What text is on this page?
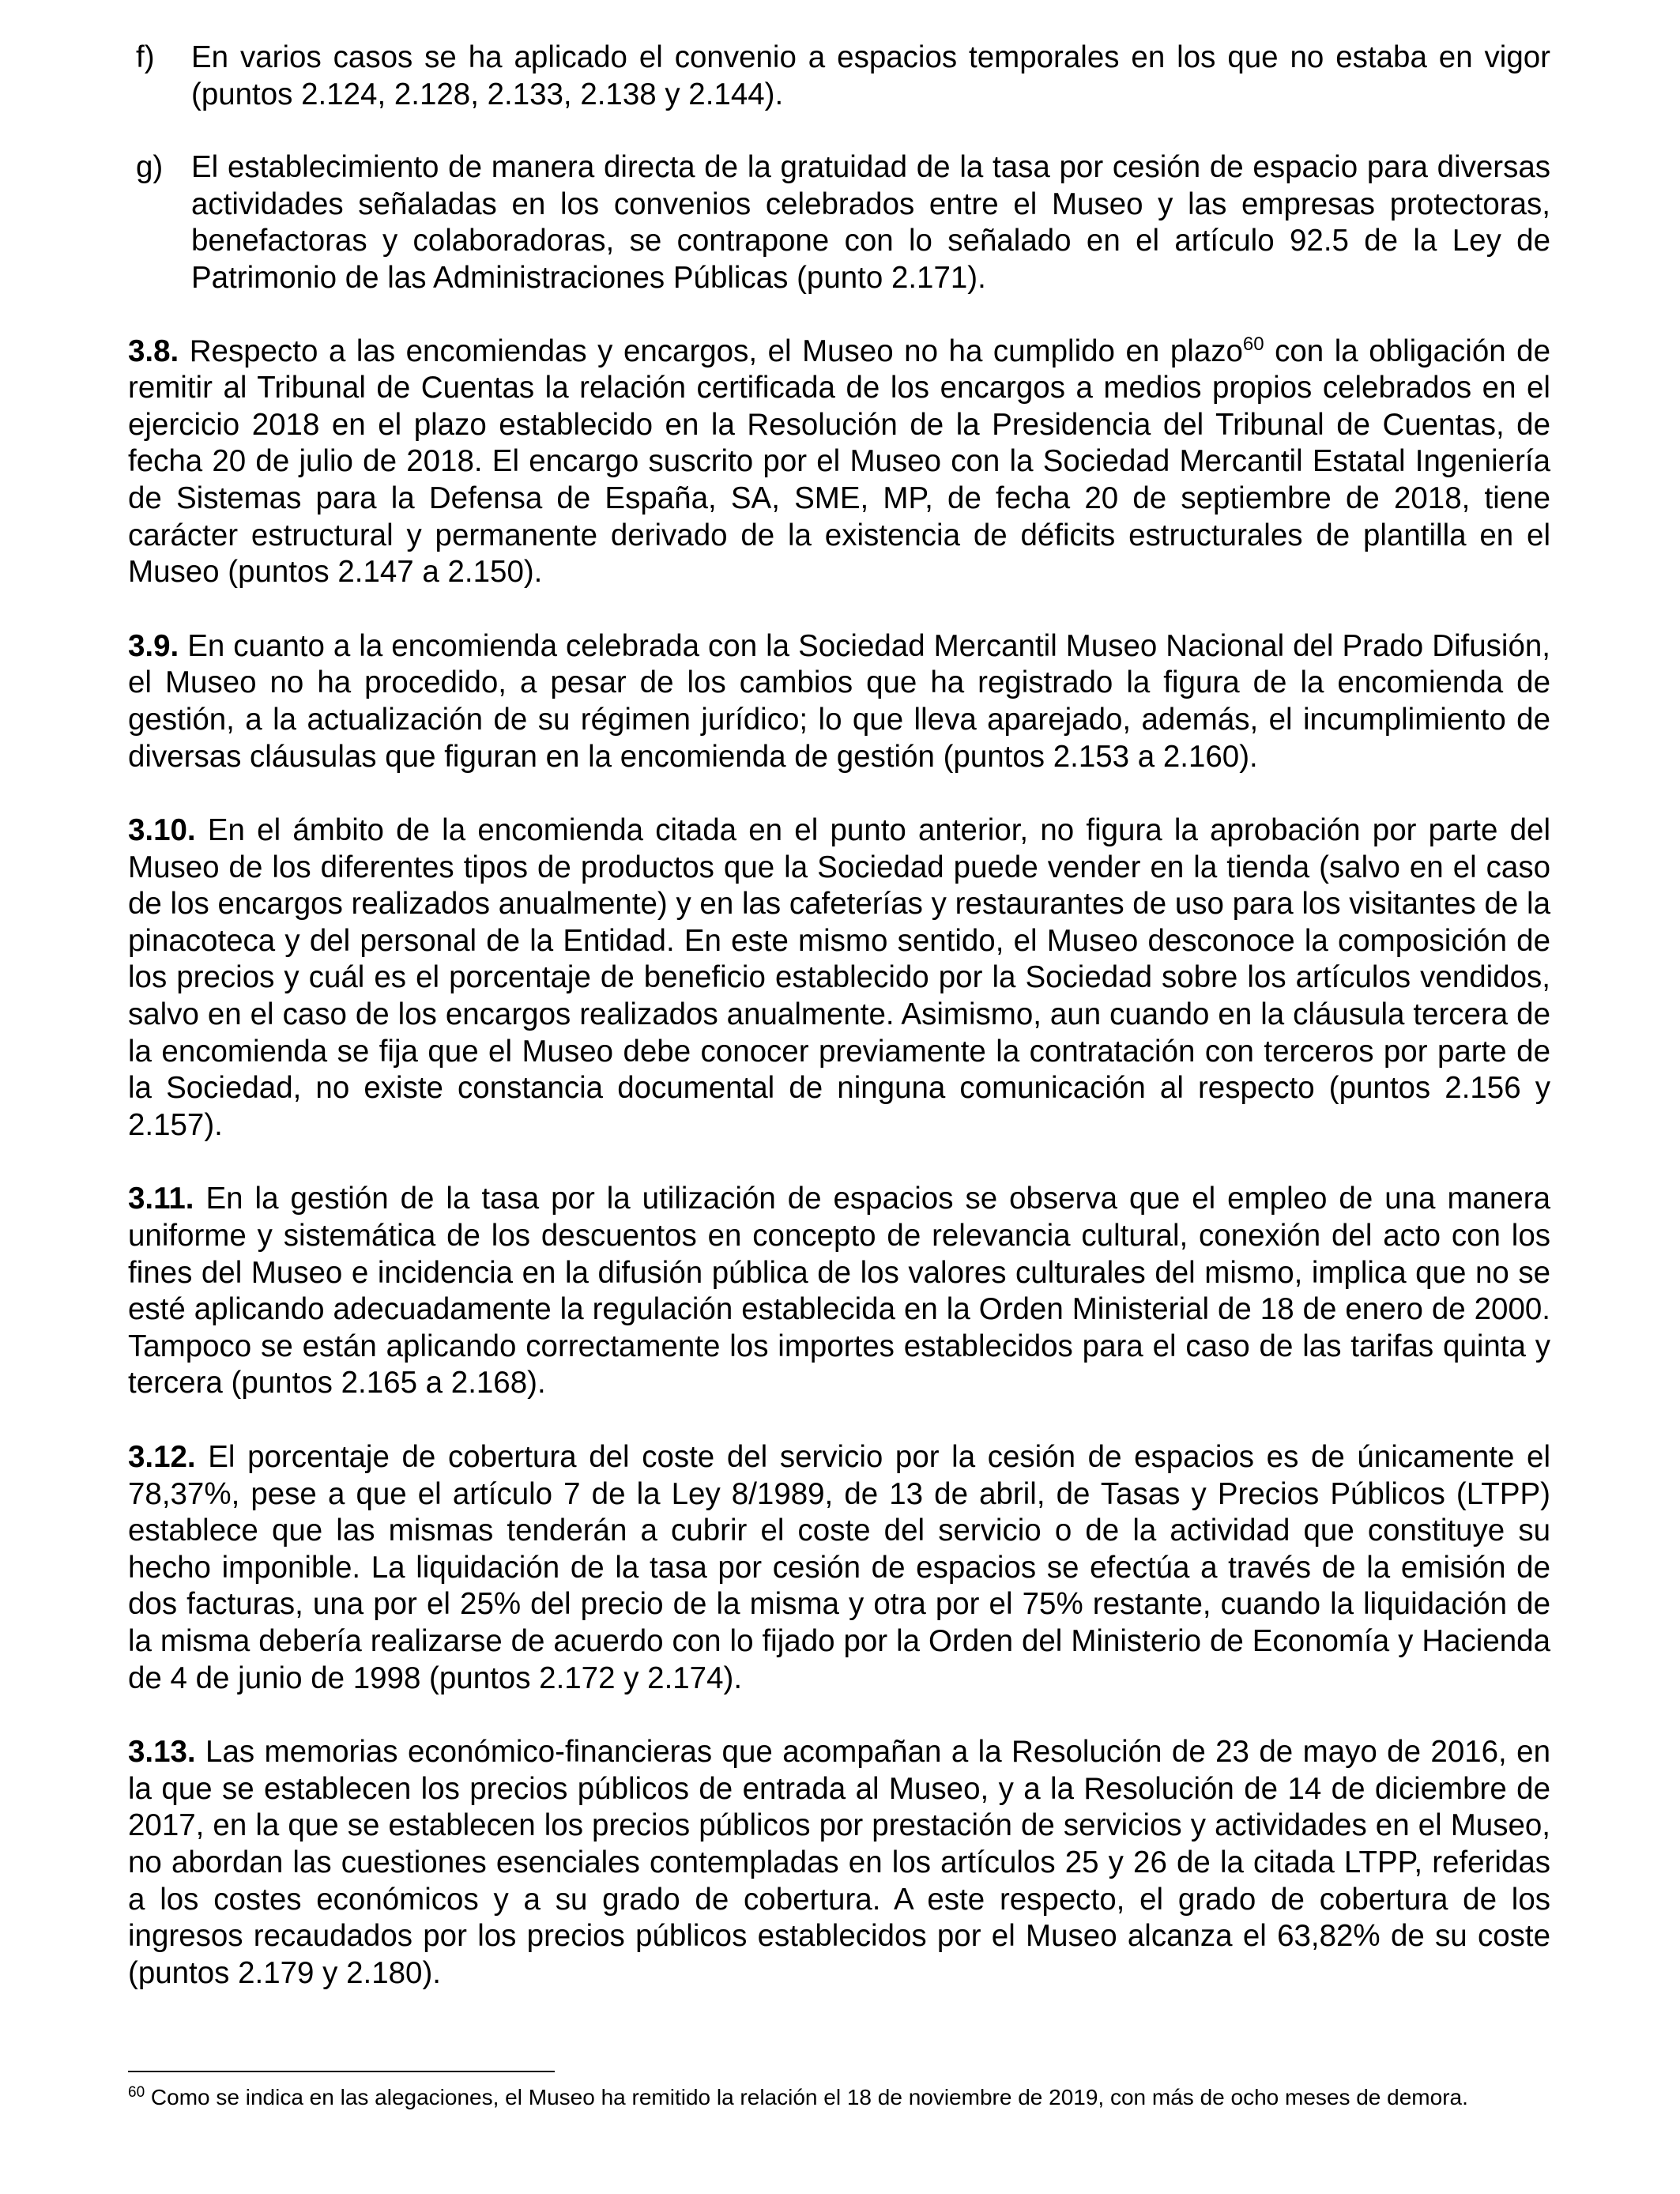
f) En varios casos se ha aplicado el convenio a espacios temporales en los que no estaba en vigor (puntos 2.124, 2.128, 2.133, 2.138 y 2.144).
g) El establecimiento de manera directa de la gratuidad de la tasa por cesión de espacio para diversas actividades señaladas en los convenios celebrados entre el Museo y las empresas protectoras, benefactoras y colaboradoras, se contrapone con lo señalado en el artículo 92.5 de la Ley de Patrimonio de las Administraciones Públicas (punto 2.171).

3.8. Respecto a las encomiendas y encargos, el Museo no ha cumplido en plazo$^{60}$ con la obligación de remitir al Tribunal de Cuentas la relación certificada de los encargos a medios propios celebrados en el ejercicio 2018 en el plazo establecido en la Resolución de la Presidencia del Tribunal de Cuentas, de fecha 20 de julio de 2018. El encargo suscrito por el Museo con la Sociedad Mercantil Estatal Ingeniería de Sistemas para la Defensa de España, SA, SME, MP, de fecha 20 de septiembre de 2018, tiene carácter estructural y permanente derivado de la existencia de déficits estructurales de plantilla en el Museo (puntos 2.147 a 2.150).

3.9. En cuanto a la encomienda celebrada con la Sociedad Mercantil Museo Nacional del Prado Difusión, el Museo no ha procedido, a pesar de los cambios que ha registrado la figura de la encomienda de gestión, a la actualización de su régimen jurídico; lo que lleva aparejado, además, el incumplimiento de diversas cláusulas que figuran en la encomienda de gestión (puntos 2.153 a 2.160).

3.10. En el ámbito de la encomienda citada en el punto anterior, no figura la aprobación por parte del Museo de los diferentes tipos de productos que la Sociedad puede vender en la tienda (salvo en el caso de los encargos realizados anualmente) y en las cafeterías y restaurantes de uso para los visitantes de la pinacoteca y del personal de la Entidad. En este mismo sentido, el Museo desconoce la composición de los precios y cuál es el porcentaje de beneficio establecido por la Sociedad sobre los artículos vendidos, salvo en el caso de los encargos realizados anualmente. Asimismo, aun cuando en la cláusula tercera de la encomienda se fija que el Museo debe conocer previamente la contratación con terceros por parte de la Sociedad, no existe constancia documental de ninguna comunicación al respecto (puntos 2.156 y 2.157).

3.11. En la gestión de la tasa por la utilización de espacios se observa que el empleo de una manera uniforme y sistemática de los descuentos en concepto de relevancia cultural, conexión del acto con los fines del Museo e incidencia en la difusión pública de los valores culturales del mismo, implica que no se esté aplicando adecuadamente la regulación establecida en la Orden Ministerial de 18 de enero de 2000. Tampoco se están aplicando correctamente los importes establecidos para el caso de las tarifas quinta y tercera (puntos 2.165 a 2.168).

3.12. El porcentaje de cobertura del coste del servicio por la cesión de espacios es de únicamente el 78,37%, pese a que el artículo 7 de la Ley 8/1989, de 13 de abril, de Tasas y Precios Públicos (LTPP) establece que las mismas tenderán a cubrir el coste del servicio o de la actividad que constituye su hecho imponible. La liquidación de la tasa por cesión de espacios se efectúa a través de la emisión de dos facturas, una por el 25% del precio de la misma y otra por el 75% restante, cuando la liquidación de la misma debería realizarse de acuerdo con lo fijado por la Orden del Ministerio de Economía y Hacienda de 4 de junio de 1998 (puntos 2.172 y 2.174).

3.13. Las memorias económico-financieras que acompañan a la Resolución de 23 de mayo de 2016, en la que se establecen los precios públicos de entrada al Museo, y a la Resolución de 14 de diciembre de 2017, en la que se establecen los precios públicos por prestación de servicios y actividades en el Museo, no abordan las cuestiones esenciales contempladas en los artículos 25 y 26 de la citada LTPP, referidas a los costes económicos y a su grado de cobertura. A este respecto, el grado de cobertura de los ingresos recaudados por los precios públicos establecidos por el Museo alcanza el 63,82% de su coste (puntos 2.179 y 2.180).

$^{60}$ Como se indica en las alegaciones, el Museo ha remitido la relación el 18 de noviembre de 2019, con más de ocho meses de demora.
